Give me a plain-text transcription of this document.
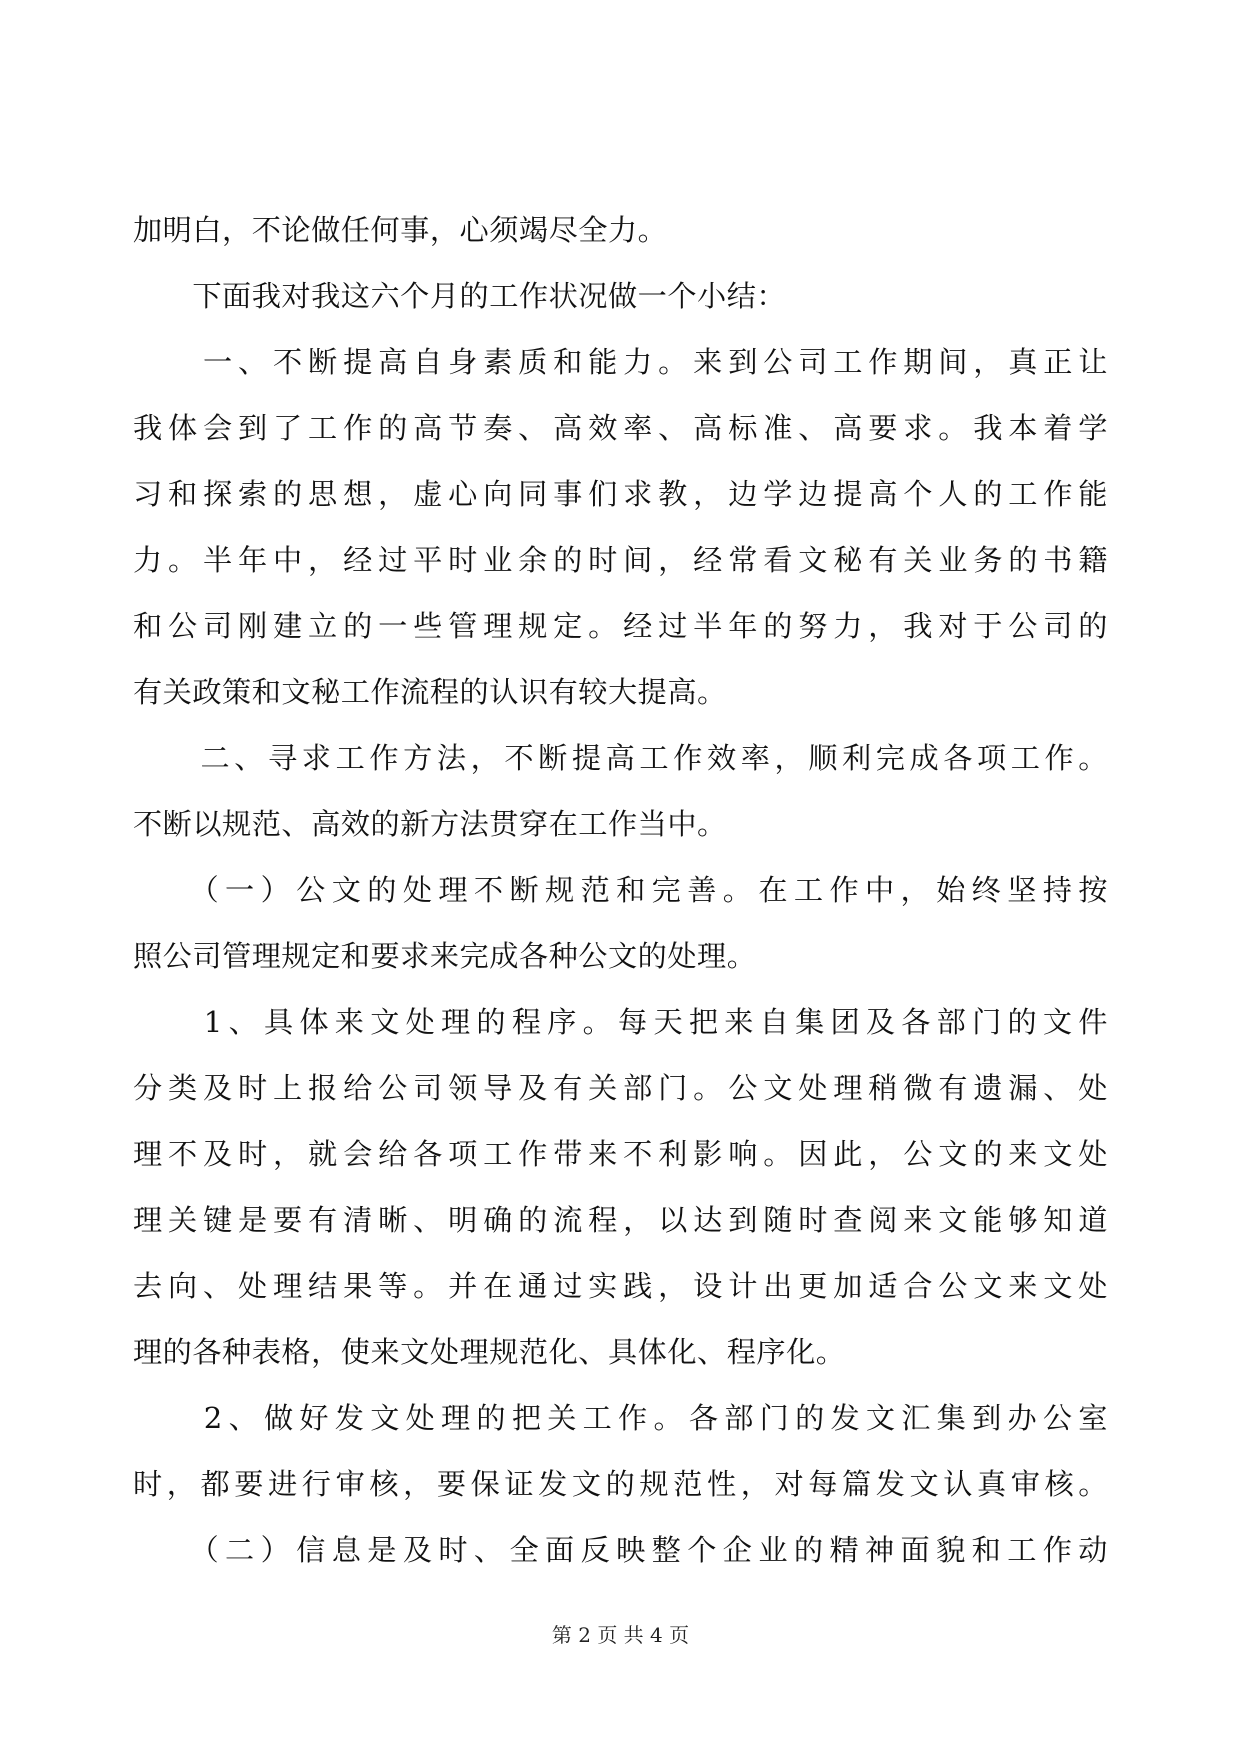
加明白，不论做任何事，心须竭尽全力。
　　下面我对我这六个月的工作状况做一个小结：
　　一、不断提高自身素质和能力。来到公司工作期间，真正让
我体会到了工作的高节奏、高效率、高标准、高要求。我本着学
习和探索的思想，虚心向同事们求教，边学边提高个人的工作能
力。半年中，经过平时业余的时间，经常看文秘有关业务的书籍
和公司刚建立的一些管理规定。经过半年的努力，我对于公司的
有关政策和文秘工作流程的认识有较大提高。
　　二、寻求工作方法，不断提高工作效率，顺利完成各项工作。
不断以规范、高效的新方法贯穿在工作当中。
　　（一）公文的处理不断规范和完善。在工作中，始终坚持按
照公司管理规定和要求来完成各种公文的处理。
　　1、具体来文处理的程序。每天把来自集团及各部门的文件
分类及时上报给公司领导及有关部门。公文处理稍微有遗漏、处
理不及时，就会给各项工作带来不利影响。因此，公文的来文处
理关键是要有清晰、明确的流程，以达到随时查阅来文能够知道
去向、处理结果等。并在通过实践，设计出更加适合公文来文处
理的各种表格，使来文处理规范化、具体化、程序化。
　　2、做好发文处理的把关工作。各部门的发文汇集到办公室
时，都要进行审核，要保证发文的规范性，对每篇发文认真审核。
　　（二）信息是及时、全面反映整个企业的精神面貌和工作动
第 2 页 共 4 页
